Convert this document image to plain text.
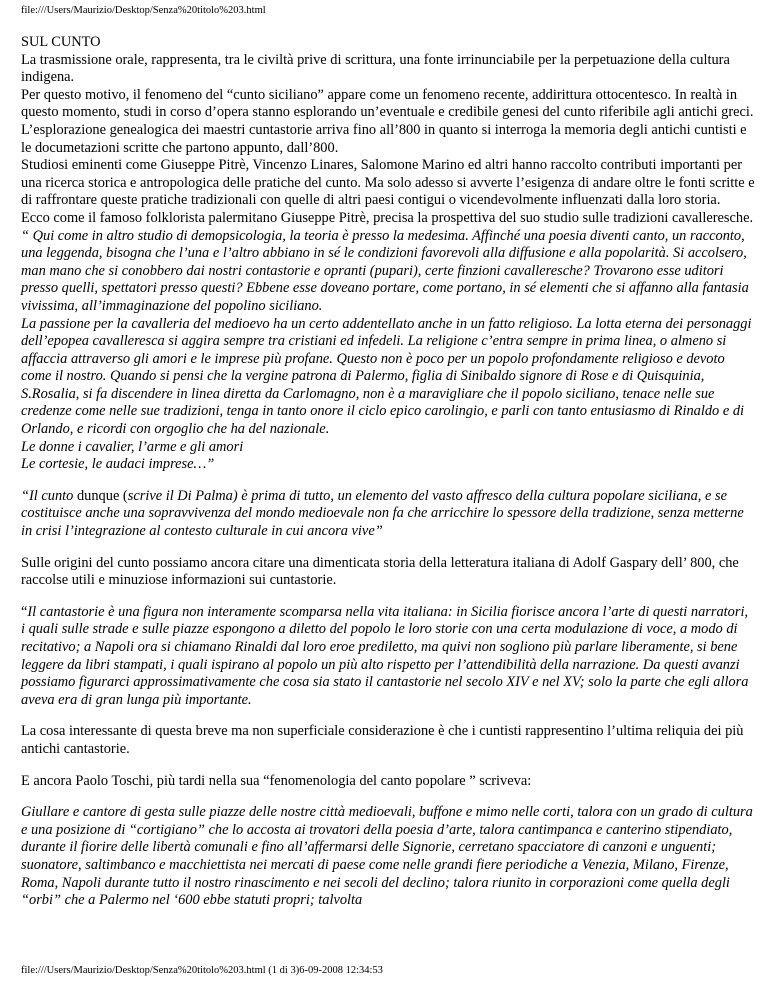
file:///Users/Maurizio/Desktop/Senza%20titolo%203.html

SUL CUNTO

La trasmissione orale, rappresenta, tra le civiltà prive di scrittura, una fonte irrinunciabile per la perpetuazione della cultura indigena.

Per questo motivo, il fenomeno del “cunto siciliano” appare come un fenomeno recente, addirittura ottocentesco. In realtà in questo momento, studi in corso d’opera stanno esplorando un’eventuale e credibile genesi del cunto riferibile agli antichi greci.

L’esplorazione genealogica dei maestri cuntastorie arriva fino all’800 in quanto si interroga la memoria degli antichi cuntisti e le documetazioni scritte che partono appunto, dall’800.

Studiosi eminenti come Giuseppe Pitrè, Vincenzo Linares, Salomone Marino ed altri hanno raccolto contributi importanti per una ricerca storica e antropologica delle pratiche del cunto. Ma solo adesso si avverte l’esigenza di andare oltre le fonti scritte e di raffrontare queste pratiche tradizionali con quelle di altri paesi contigui o vicendevolmente influenzati dalla loro storia.

Ecco come il famoso folklorista palermitano Giuseppe Pitrè, precisa la prospettiva del suo studio sulle tradizioni cavalleresche.

“ Qui come in altro studio di demopsicologia, la teoria è presso la medesima. Affinché una poesia diventi canto, un racconto, una leggenda, bisogna che l’una e l’altro abbiano in sé le condizioni favorevoli alla diffusione e alla popolarità. Si accolsero, man mano che si conobbero dai nostri contastorie e opranti (pupari), certe finzioni cavalleresche? Trovarono esse uditori presso quelli, spettatori presso questi? Ebbene esse doveano portare, come portano, in sé elementi che si affanno alla fantasia vivissima, all’immaginazione del popolino siciliano.

La passione per la cavalleria del medioevo ha un certo addentellato anche in un fatto religioso. La lotta eterna dei personaggi dell’epopea cavalleresca si aggira sempre tra cristiani ed infedeli. La religione c’entra sempre in prima linea, o almeno si affaccia attraverso gli amori e le imprese più profane. Questo non è poco per un popolo profondamente religioso e devoto come il nostro. Quando si pensi che la vergine patrona di Palermo, figlia di Sinibaldo signore di Rose e di Quisquinia, S.Rosalia, si fa discendere in linea diretta da Carlomagno, non è a maravigliare che il popolo siciliano, tenace nelle sue credenze come nelle sue tradizioni, tenga in tanto onore il ciclo epico carolingio, e parli con tanto entusiasmo di Rinaldo e di Orlando, e ricordi con orgoglio che ha del nazionale.

Le donne i cavalier, l’arme e gli amori

Le cortesie, le audaci imprese…”

“Il cunto dunque (scrive il Di Palma) è prima di tutto, un elemento del vasto affresco della cultura popolare siciliana, e se costituisce anche una sopravvivenza del mondo medioevale non fa che arricchire lo spessore della tradizione, senza metterne in crisi l’integrazione al contesto culturale in cui ancora vive”

Sulle origini del cunto possiamo ancora citare una dimenticata storia della letteratura italiana di Adolf Gaspary dell’ 800, che raccolse utili e minuziose informazioni sui cuntastorie.

“Il cantastorie è una figura non interamente scomparsa nella vita italiana: in Sicilia fiorisce ancora l’arte di questi narratori, i quali sulle strade e sulle piazze espongono a diletto del popolo le loro storie con una certa modulazione di voce, a modo di recitativo; a Napoli ora si chiamano Rinaldi dal loro eroe prediletto, ma quivi non sogliono più parlare liberamente, si bene leggere da libri stampati, i quali ispirano al popolo un più alto rispetto per l’attendibilità della narrazione. Da questi avanzi possiamo figurarci approssimativamente che cosa sia stato il cantastorie nel secolo XIV e nel XV; solo la parte che egli allora aveva era di gran lunga più importante.

La cosa interessante di questa breve ma non superficiale considerazione è che i cuntisti rappresentino l’ultima reliquia dei più antichi cantastorie.

E ancora Paolo Toschi, più tardi nella sua “fenomenologia del canto popolare ” scriveva:

Giullare e cantore di gesta sulle piazze delle nostre città medioevali, buffone e mimo nelle corti, talora con un grado di cultura e una posizione di “cortigiano” che lo accosta ai trovatori della poesia d’arte, talora cantimpanca e canterino stipendiato, durante il fiorire delle libertà comunali e fino all’affermarsi delle Signorie, cerretano spacciatore di canzoni e unguenti; suonatore, saltimbanco e macchiettista nei mercati di paese come nelle grandi fiere periodiche a Venezia, Milano, Firenze, Roma, Napoli durante tutto il nostro rinascimento e nei secoli del declino; talora riunito in corporazioni come quella degli “orbi” che a Palermo nel ‘600 ebbe statuti propri; talvolta

file:///Users/Maurizio/Desktop/Senza%20titolo%203.html (1 di 3)6-09-2008 12:34:53
